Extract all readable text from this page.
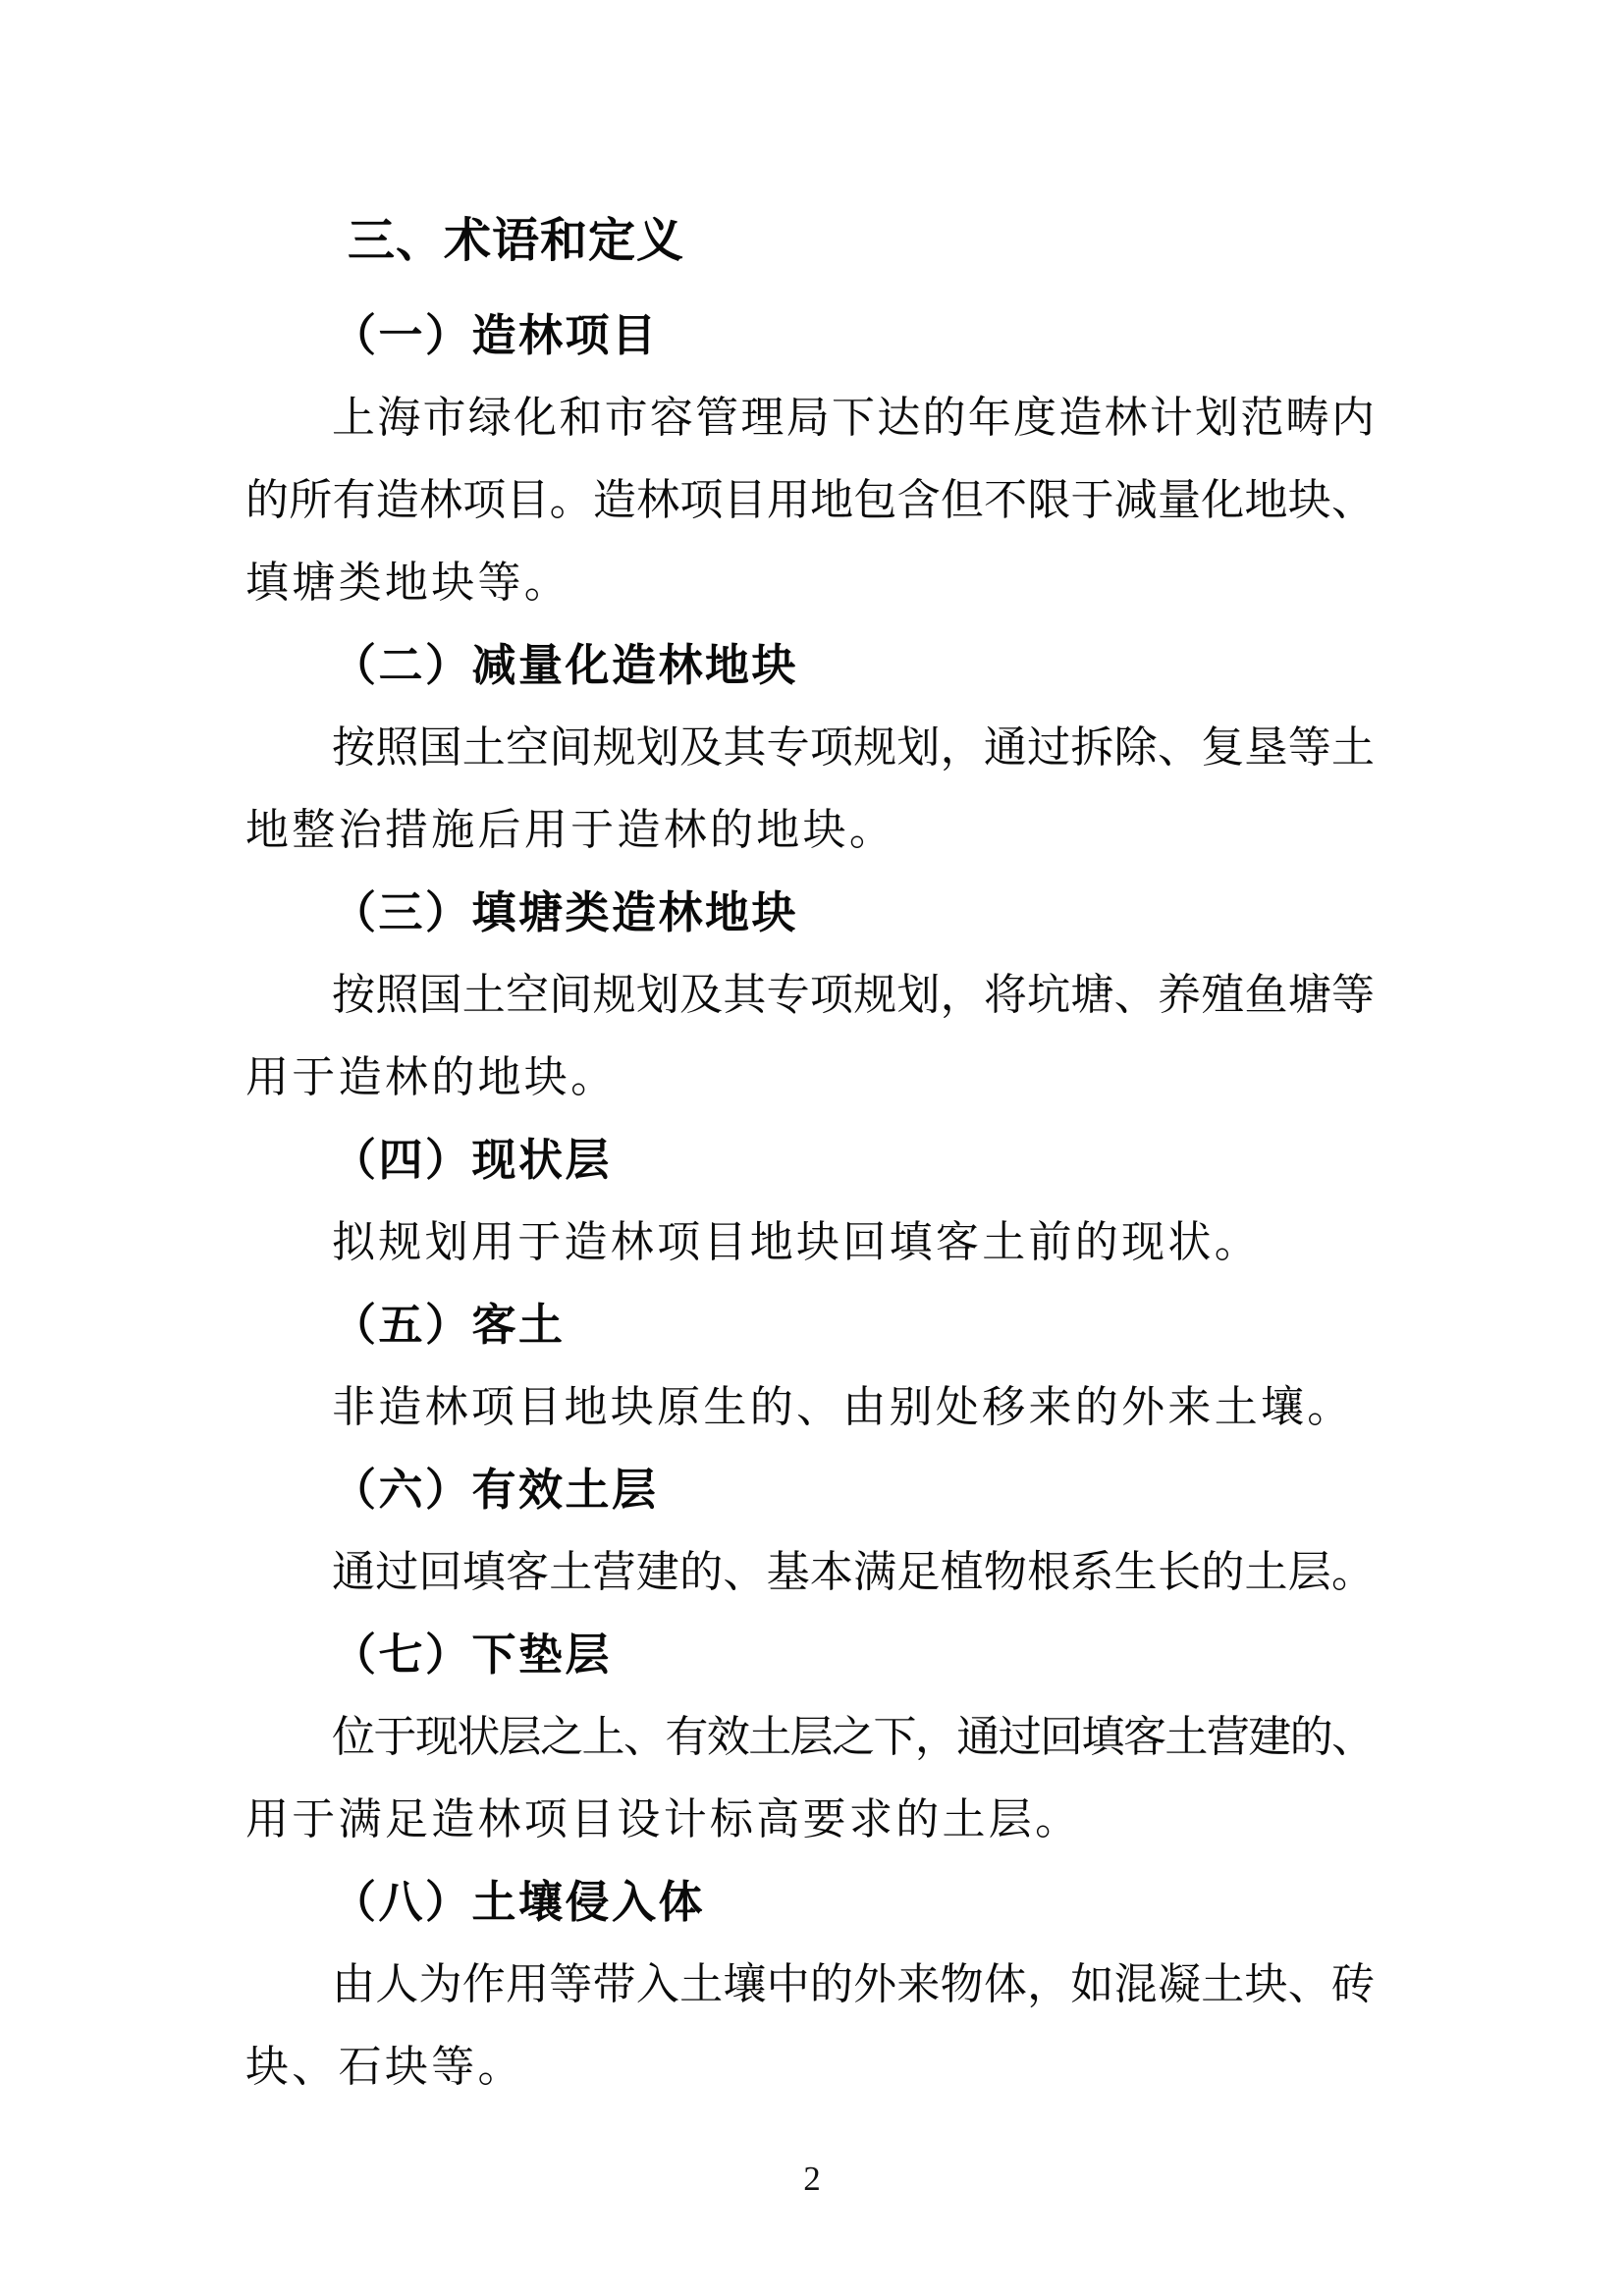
三、术语和定义
（一）造林项目
上海市绿化和市容管理局下达的年度造林计划范畴内
的所有造林项目。造林项目用地包含但不限于减量化地块、
填塘类地块等。
（二）减量化造林地块
按照国土空间规划及其专项规划，通过拆除、复垦等土
地整治措施后用于造林的地块。
（三）填塘类造林地块
按照国土空间规划及其专项规划，将坑塘、养殖鱼塘等
用于造林的地块。
（四）现状层
拟规划用于造林项目地块回填客土前的现状。
（五）客土
非造林项目地块原生的、由别处移来的外来土壤。
（六）有效土层
通过回填客土营建的、基本满足植物根系生长的土层。
（七）下垫层
位于现状层之上、有效土层之下，通过回填客土营建的、
用于满足造林项目设计标高要求的土层。
（八）土壤侵入体
由人为作用等带入土壤中的外来物体，如混凝土块、砖
块、石块等。
2
